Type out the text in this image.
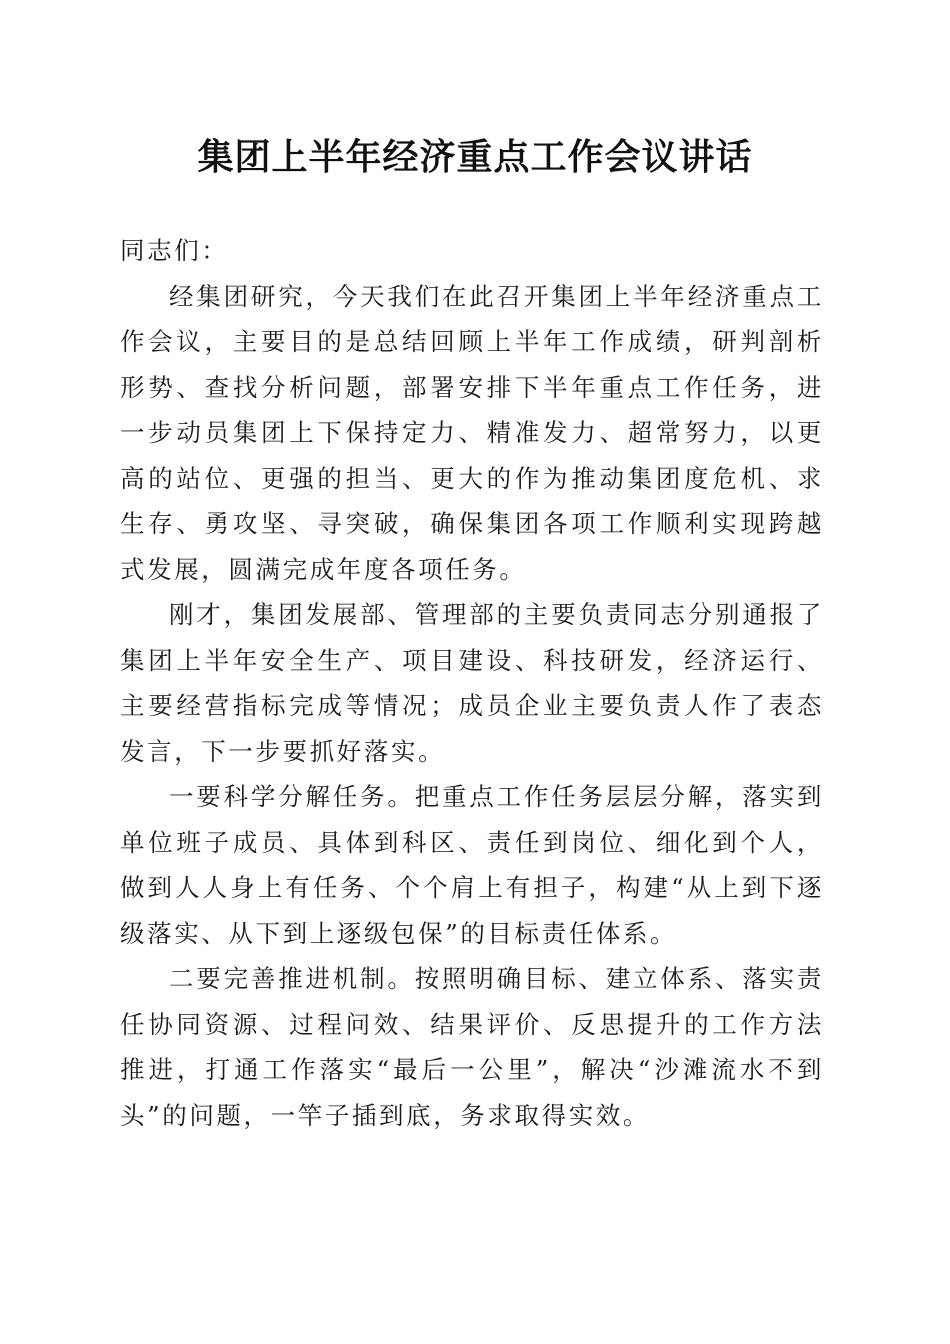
集团上半年经济重点工作会议讲话

同志们：

经集团研究，今天我们在此召开集团上半年经济重点工作会议，主要目的是总结回顾上半年工作成绩，研判剖析形势、查找分析问题，部署安排下半年重点工作任务，进一步动员集团上下保持定力、精准发力、超常努力，以更高的站位、更强的担当、更大的作为推动集团度危机、求生存、勇攻坚、寻突破，确保集团各项工作顺利实现跨越式发展，圆满完成年度各项任务。

刚才，集团发展部、管理部的主要负责同志分别通报了集团上半年安全生产、项目建设、科技研发，经济运行、主要经营指标完成等情况；成员企业主要负责人作了表态发言，下一步要抓好落实。

一要科学分解任务。把重点工作任务层层分解，落实到单位班子成员、具体到科区、责任到岗位、细化到个人，做到人人身上有任务、个个肩上有担子，构建“从上到下逐级落实、从下到上逐级包保”的目标责任体系。

二要完善推进机制。按照明确目标、建立体系、落实责任协同资源、过程问效、结果评价、反思提升的工作方法推进，打通工作落实“最后一公里”，解决“沙滩流水不到头”的问题，一竿子插到底，务求取得实效。
